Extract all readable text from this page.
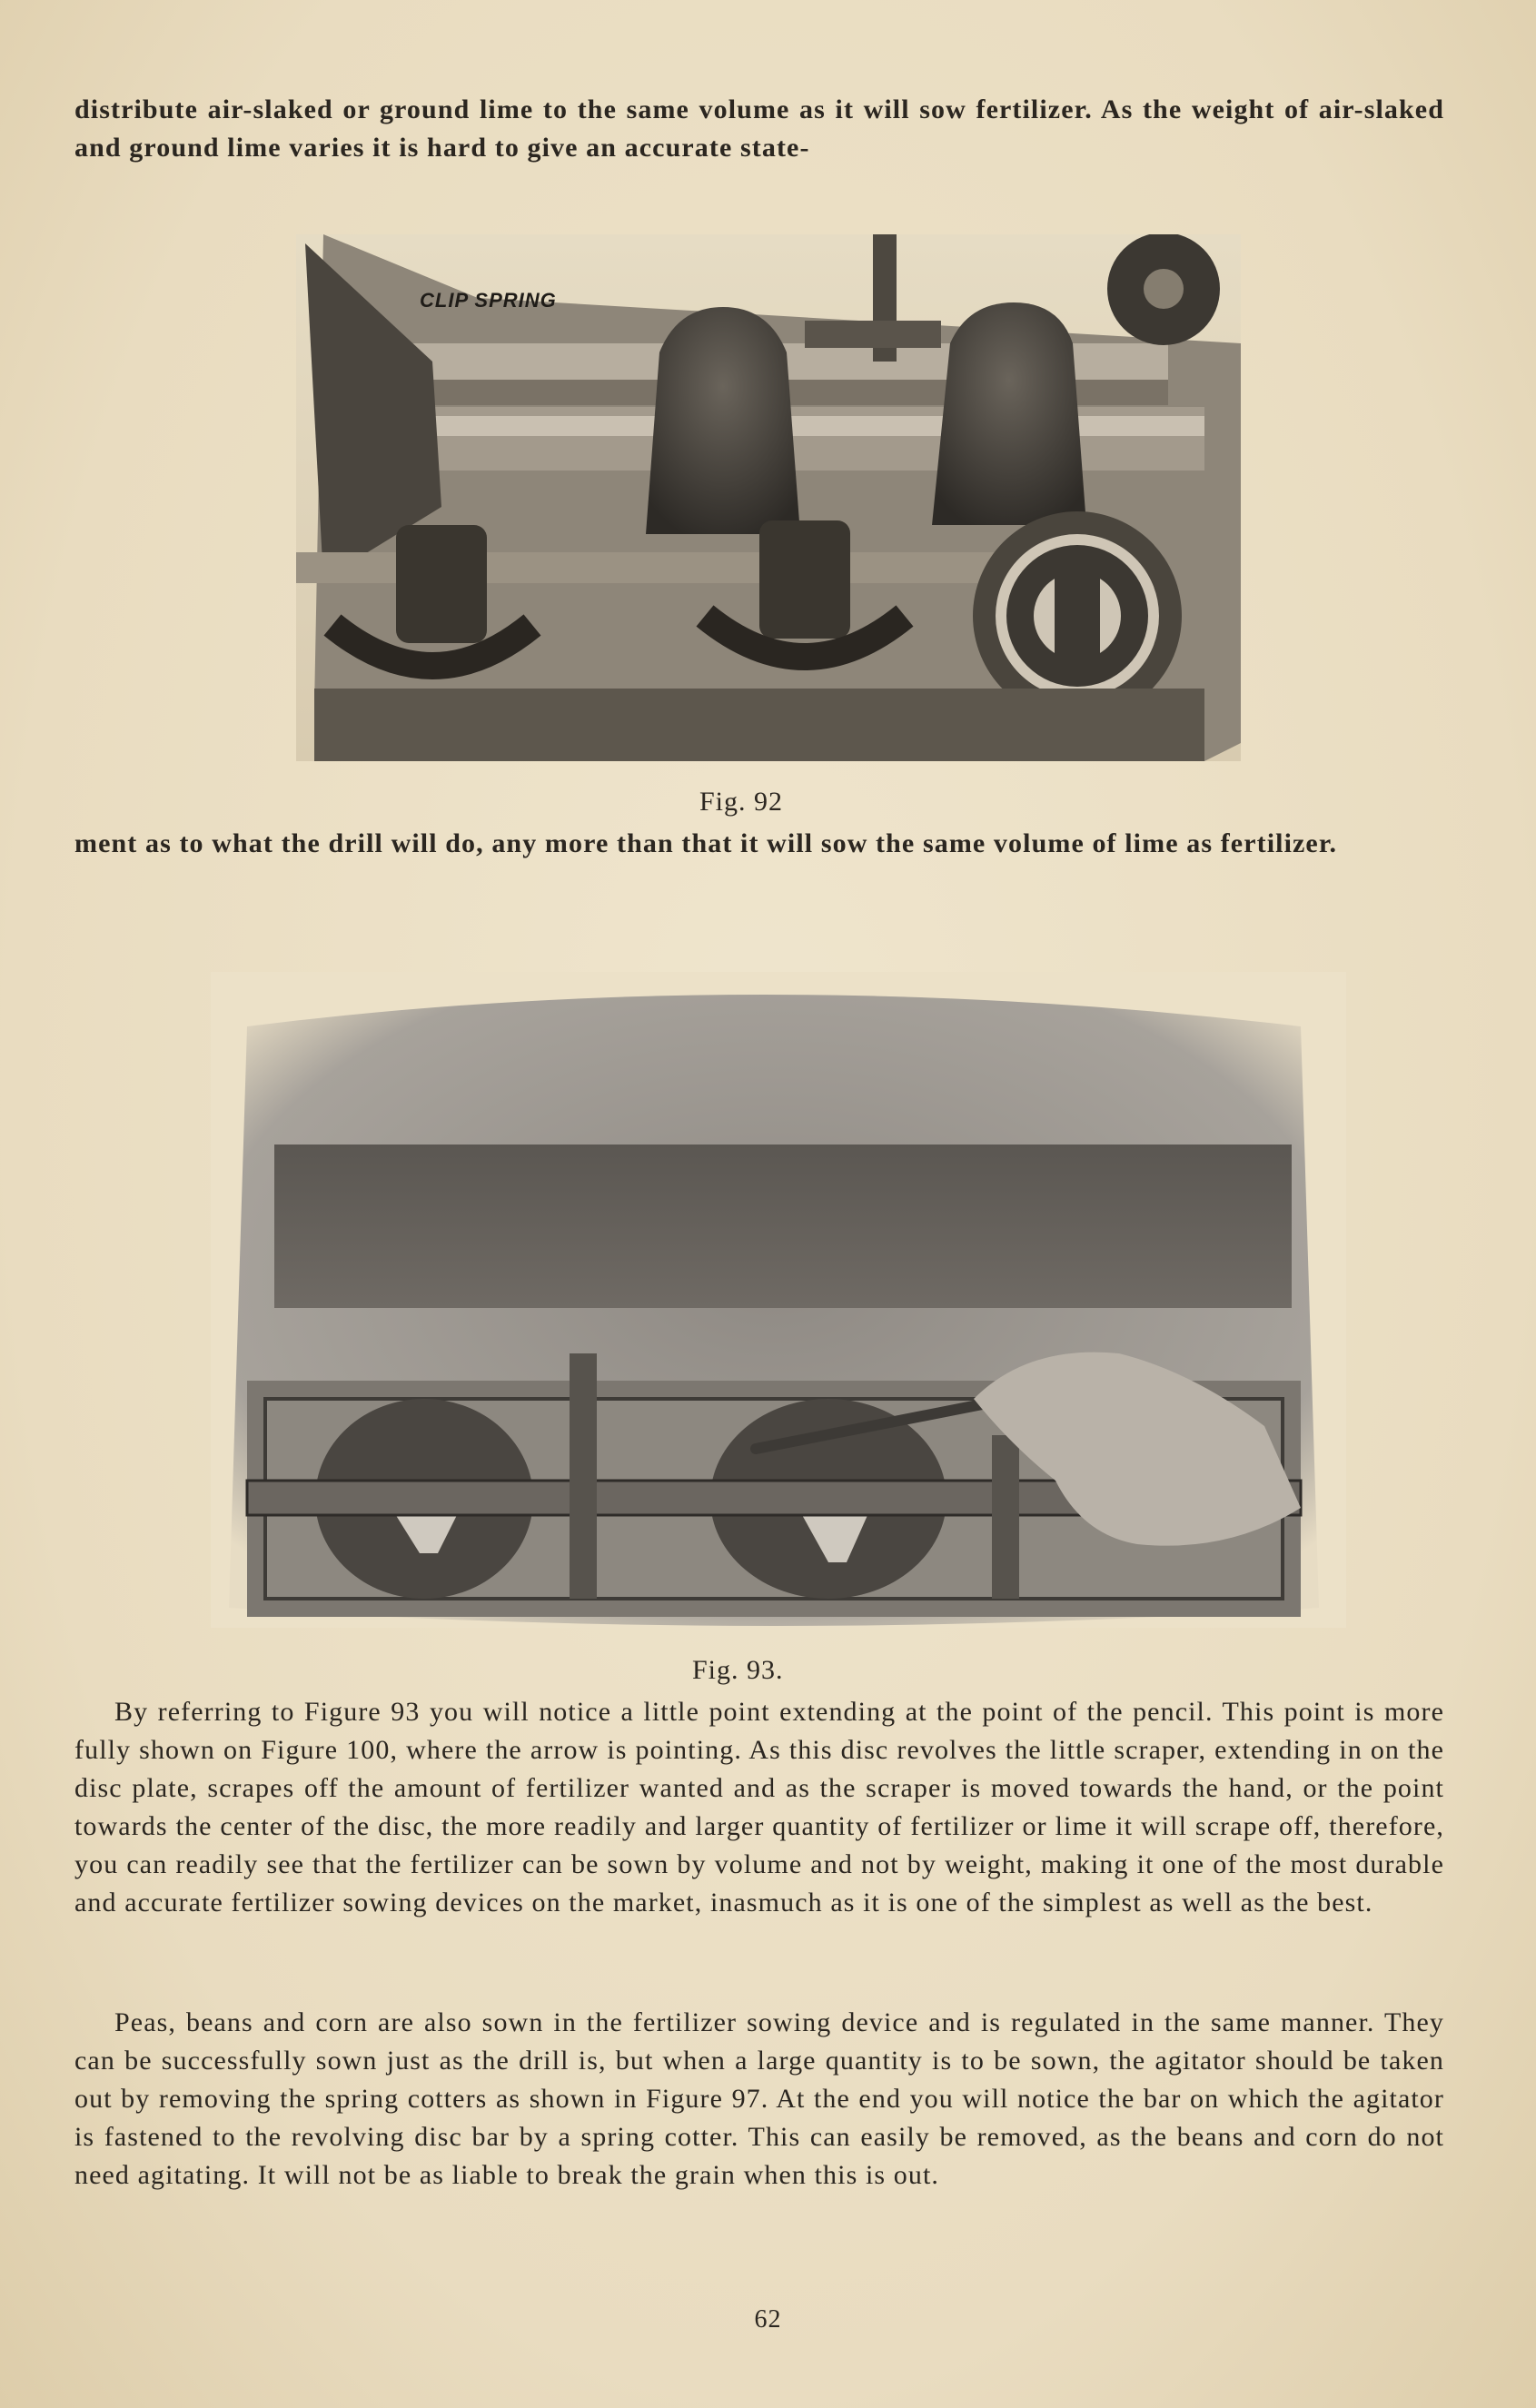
distribute air-slaked or ground lime to the same volume as it will sow fertilizer. As the weight of air-slaked and ground lime varies it is hard to give an accurate state-

CLIP SPRING
Fig. 92

ment as to what the drill will do, any more than that it will sow the same volume of lime as fertilizer.

Fig. 93.

By referring to Figure 93 you will notice a little point extending at the point of the pencil. This point is more fully shown on Figure 100, where the arrow is pointing. As this disc revolves the little scraper, extending in on the disc plate, scrapes off the amount of fertilizer wanted and as the scraper is moved towards the hand, or the point towards the center of the disc, the more readily and larger quantity of fertilizer or lime it will scrape off, therefore, you can readily see that the fertilizer can be sown by volume and not by weight, making it one of the most durable and accurate fertilizer sowing devices on the market, inasmuch as it is one of the simplest as well as the best.

Peas, beans and corn are also sown in the fertilizer sowing device and is regulated in the same manner. They can be successfully sown just as the drill is, but when a large quantity is to be sown, the agitator should be taken out by removing the spring cotters as shown in Figure 97. At the end you will notice the bar on which the agitator is fastened to the revolving disc bar by a spring cotter. This can easily be removed, as the beans and corn do not need agitating. It will not be as liable to break the grain when this is out.

62
